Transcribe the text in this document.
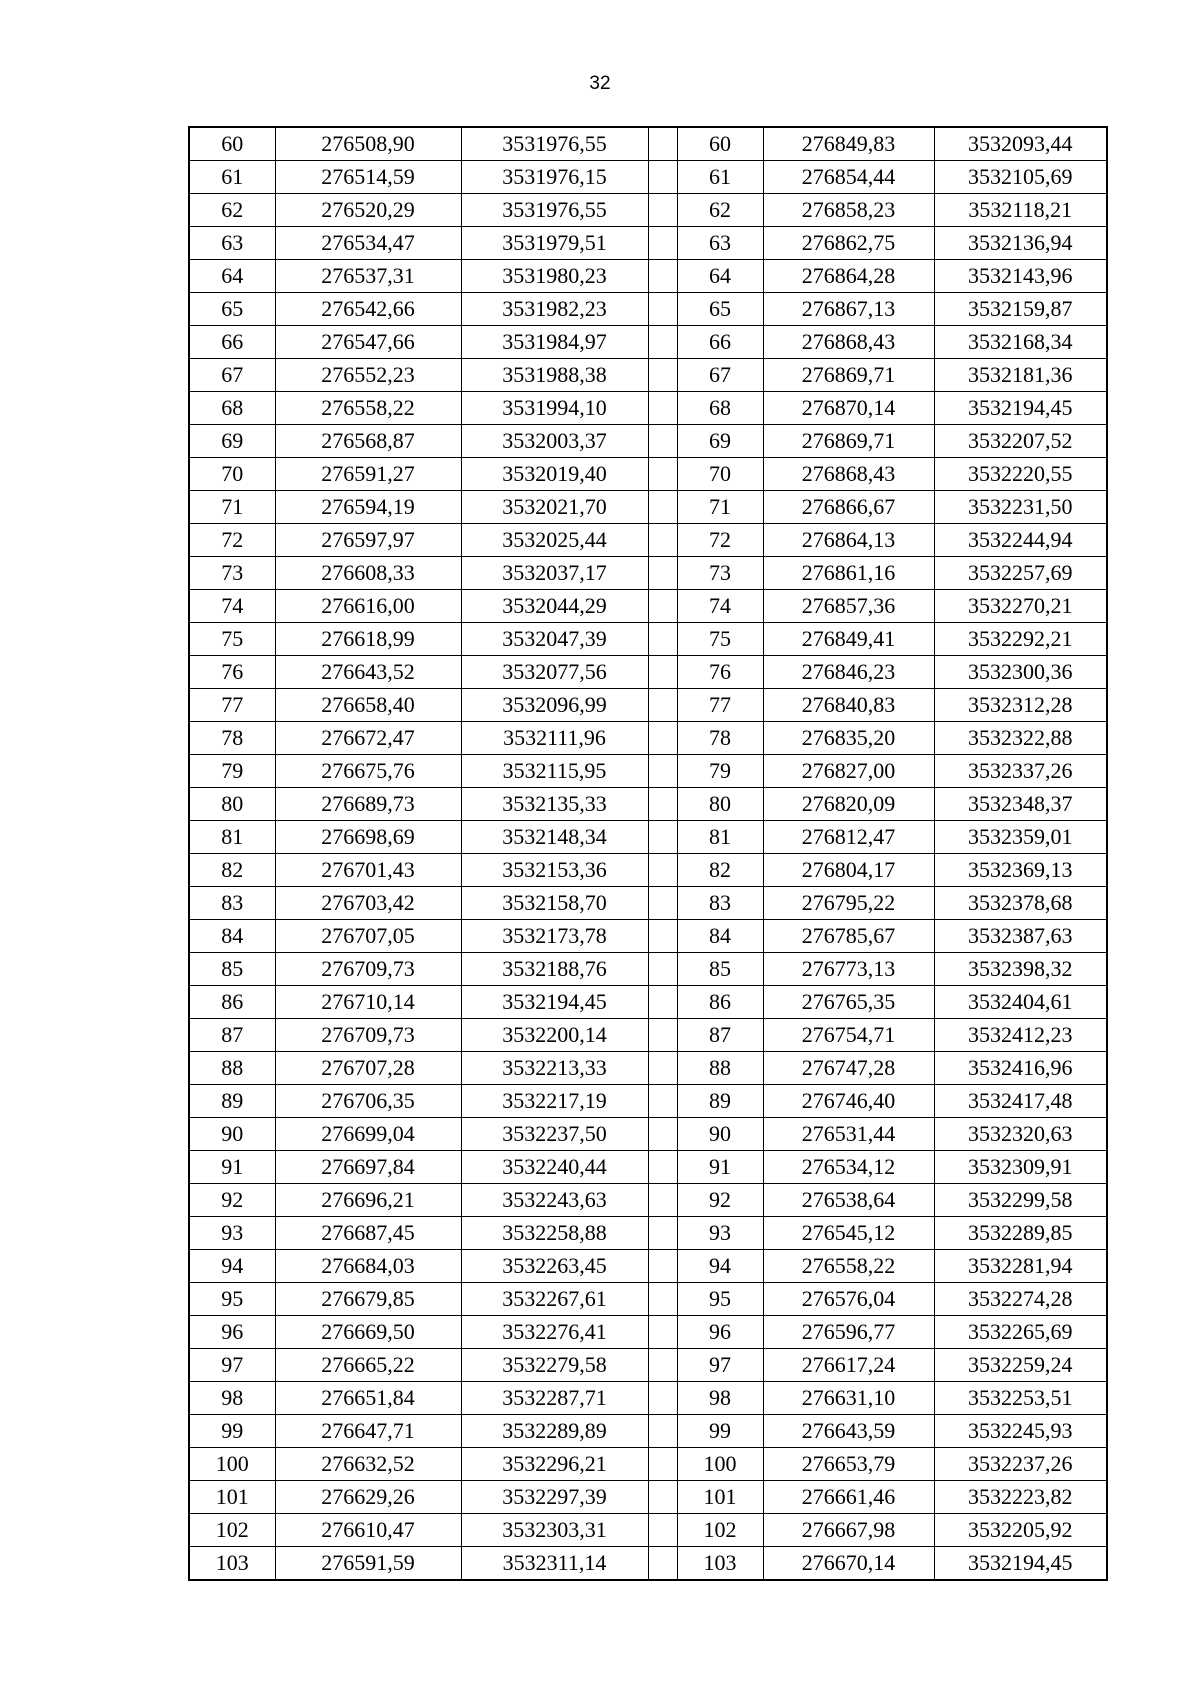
32
60	276508,90	3531976,55		60	276849,83	3532093,44
61	276514,59	3531976,15		61	276854,44	3532105,69
62	276520,29	3531976,55		62	276858,23	3532118,21
63	276534,47	3531979,51		63	276862,75	3532136,94
64	276537,31	3531980,23		64	276864,28	3532143,96
65	276542,66	3531982,23		65	276867,13	3532159,87
66	276547,66	3531984,97		66	276868,43	3532168,34
67	276552,23	3531988,38		67	276869,71	3532181,36
68	276558,22	3531994,10		68	276870,14	3532194,45
69	276568,87	3532003,37		69	276869,71	3532207,52
70	276591,27	3532019,40		70	276868,43	3532220,55
71	276594,19	3532021,70		71	276866,67	3532231,50
72	276597,97	3532025,44		72	276864,13	3532244,94
73	276608,33	3532037,17		73	276861,16	3532257,69
74	276616,00	3532044,29		74	276857,36	3532270,21
75	276618,99	3532047,39		75	276849,41	3532292,21
76	276643,52	3532077,56		76	276846,23	3532300,36
77	276658,40	3532096,99		77	276840,83	3532312,28
78	276672,47	3532111,96		78	276835,20	3532322,88
79	276675,76	3532115,95		79	276827,00	3532337,26
80	276689,73	3532135,33		80	276820,09	3532348,37
81	276698,69	3532148,34		81	276812,47	3532359,01
82	276701,43	3532153,36		82	276804,17	3532369,13
83	276703,42	3532158,70		83	276795,22	3532378,68
84	276707,05	3532173,78		84	276785,67	3532387,63
85	276709,73	3532188,76		85	276773,13	3532398,32
86	276710,14	3532194,45		86	276765,35	3532404,61
87	276709,73	3532200,14		87	276754,71	3532412,23
88	276707,28	3532213,33		88	276747,28	3532416,96
89	276706,35	3532217,19		89	276746,40	3532417,48
90	276699,04	3532237,50		90	276531,44	3532320,63
91	276697,84	3532240,44		91	276534,12	3532309,91
92	276696,21	3532243,63		92	276538,64	3532299,58
93	276687,45	3532258,88		93	276545,12	3532289,85
94	276684,03	3532263,45		94	276558,22	3532281,94
95	276679,85	3532267,61		95	276576,04	3532274,28
96	276669,50	3532276,41		96	276596,77	3532265,69
97	276665,22	3532279,58		97	276617,24	3532259,24
98	276651,84	3532287,71		98	276631,10	3532253,51
99	276647,71	3532289,89		99	276643,59	3532245,93
100	276632,52	3532296,21		100	276653,79	3532237,26
101	276629,26	3532297,39		101	276661,46	3532223,82
102	276610,47	3532303,31		102	276667,98	3532205,92
103	276591,59	3532311,14		103	276670,14	3532194,45
